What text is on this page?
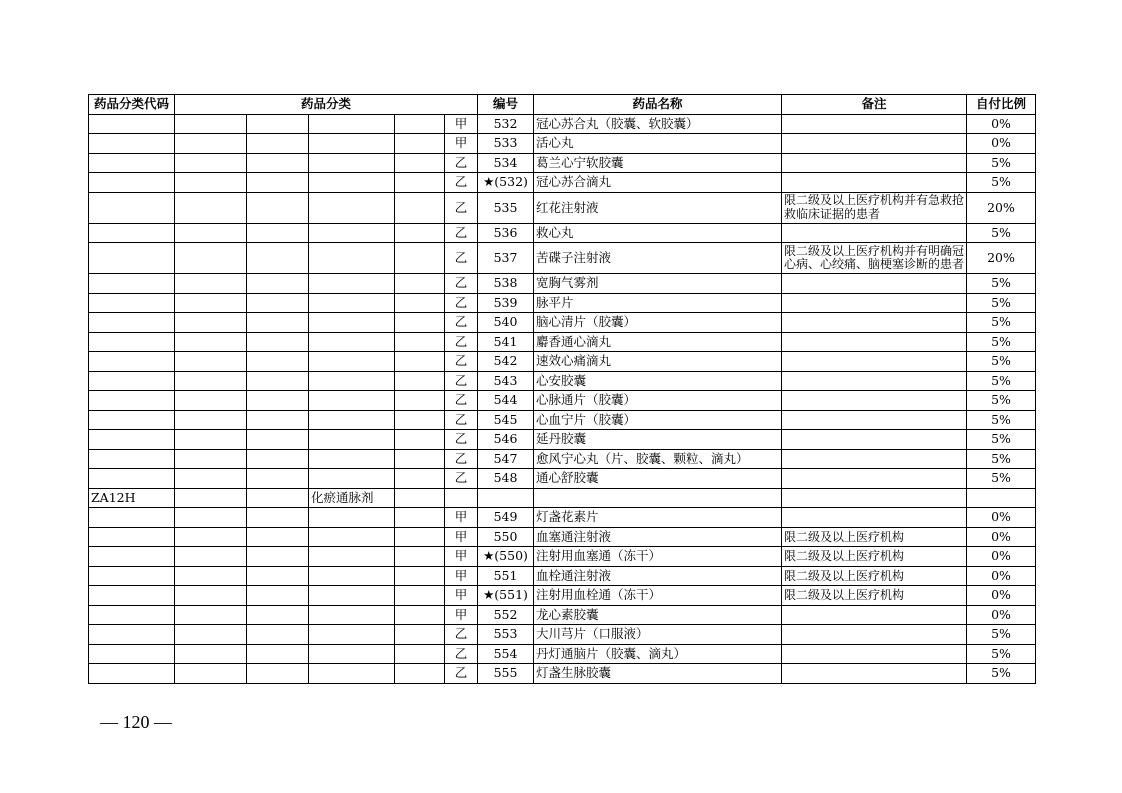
药品分类代码	药品分类					编号	药品名称	备注	自付比例
					甲	532	冠心苏合丸（胶囊、软胶囊）		0%
					甲	533	活心丸		0%
					乙	534	葛兰心宁软胶囊		5%
					乙	★(532)	冠心苏合滴丸		5%
					乙	535	红花注射液	限二级及以上医疗机构并有急救抢救临床证据的患者	20%
					乙	536	救心丸		5%
					乙	537	苦碟子注射液	限二级及以上医疗机构并有明确冠心病、心绞痛、脑梗塞诊断的患者	20%
					乙	538	宽胸气雾剂		5%
					乙	539	脉平片		5%
					乙	540	脑心清片（胶囊）		5%
					乙	541	麝香通心滴丸		5%
					乙	542	速效心痛滴丸		5%
					乙	543	心安胶囊		5%
					乙	544	心脉通片（胶囊）		5%
					乙	545	心血宁片（胶囊）		5%
					乙	546	延丹胶囊		5%
					乙	547	愈风宁心丸（片、胶囊、颗粒、滴丸）		5%
					乙	548	通心舒胶囊		5%
ZA12H			化瘀通脉剂						
					甲	549	灯盏花素片		0%
					甲	550	血塞通注射液	限二级及以上医疗机构	0%
					甲	★(550)	注射用血塞通（冻干）	限二级及以上医疗机构	0%
					甲	551	血栓通注射液	限二级及以上医疗机构	0%
					甲	★(551)	注射用血栓通（冻干）	限二级及以上医疗机构	0%
					甲	552	龙心素胶囊		0%
					乙	553	大川芎片（口服液）		5%
					乙	554	丹灯通脑片（胶囊、滴丸）		5%
					乙	555	灯盏生脉胶囊		5%
— 120 —
